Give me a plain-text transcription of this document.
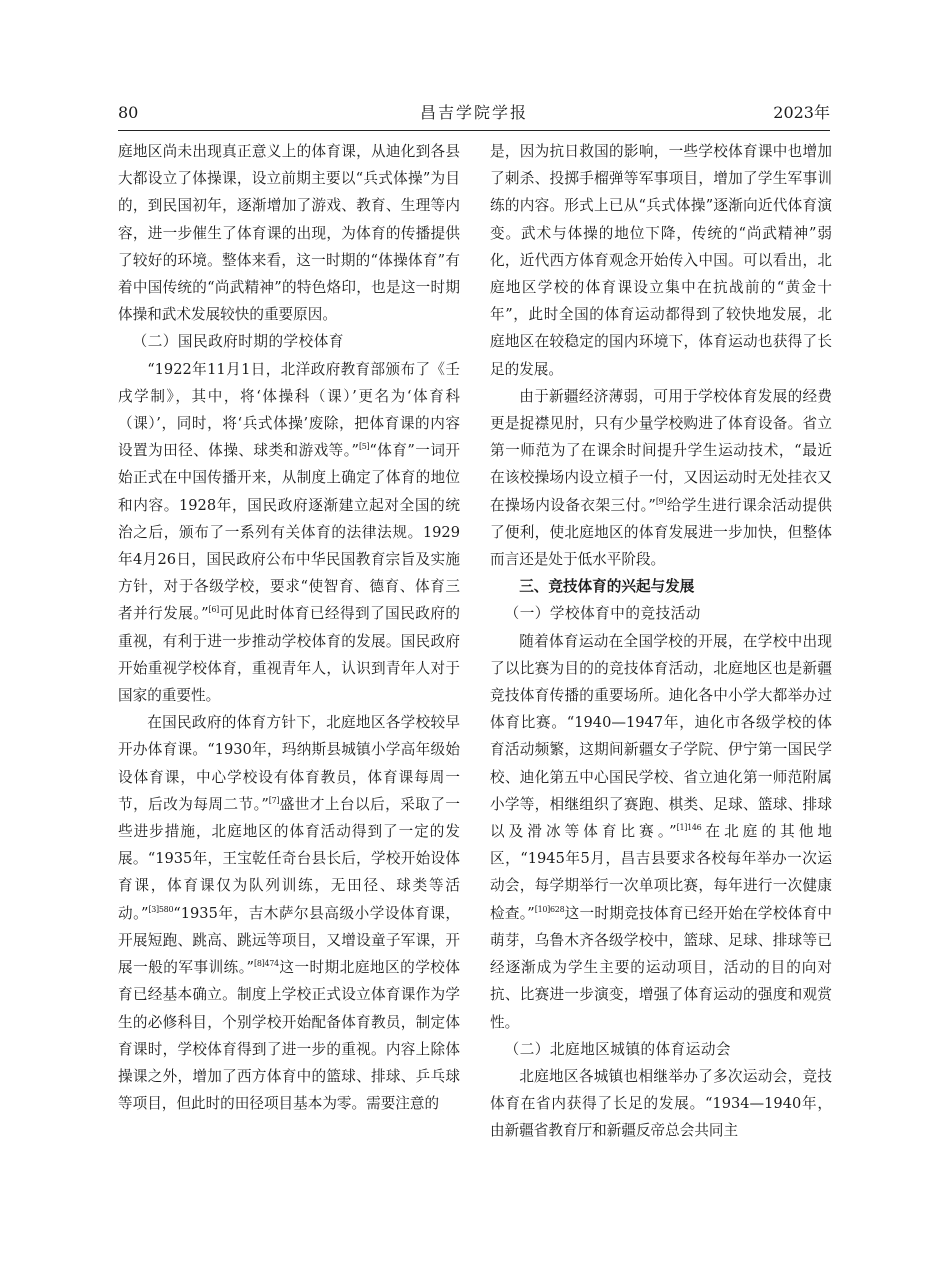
80	昌吉学院学报	2023年

庭地区尚未出现真正意义上的体育课，从迪化到各县大都设立了体操课，设立前期主要以“兵式体操”为目的，到民国初年，逐渐增加了游戏、教育、生理等内容，进一步催生了体育课的出现，为体育的传播提供了较好的环境。整体来看，这一时期的“体操体育”有着中国传统的“尚武精神”的特色烙印，也是这一时期体操和武术发展较快的重要原因。

（二）国民政府时期的学校体育

“1922年11月1日，北洋政府教育部颁布了《壬戌学制》，其中，将‘体操科（课）’更名为‘体育科（课）’，同时，将‘兵式体操’废除，把体育课的内容设置为田径、体操、球类和游戏等。”[5]“体育”一词开始正式在中国传播开来，从制度上确定了体育的地位和内容。1928年，国民政府逐渐建立起对全国的统治之后，颁布了一系列有关体育的法律法规。1929年4月26日，国民政府公布中华民国教育宗旨及实施方针，对于各级学校，要求“使智育、德育、体育三者并行发展。”[6]可见此时体育已经得到了国民政府的重视，有利于进一步推动学校体育的发展。国民政府开始重视学校体育，重视青年人，认识到青年人对于国家的重要性。

在国民政府的体育方针下，北庭地区各学校较早开办体育课。“1930年，玛纳斯县城镇小学高年级始设体育课，中心学校设有体育教员，体育课每周一节，后改为每周二节。”[7]盛世才上台以后，采取了一些进步措施，北庭地区的体育活动得到了一定的发展。“1935年，王宝乾任奇台县长后，学校开始设体育课，体育课仅为队列训练，无田径、球类等活动。”$^{[3]580}$“1935年，吉木萨尔县高级小学设体育课，开展短跑、跳高、跳远等项目，又增设童子军课，开展一般的军事训练。”$^{[8]474}$这一时期北庭地区的学校体育已经基本确立。制度上学校正式设立体育课作为学生的必修科目，个别学校开始配备体育教员，制定体育课时，学校体育得到了进一步的重视。内容上除体操课之外，增加了西方体育中的篮球、排球、乒乓球等项目，但此时的田径项目基本为零。需要注意的

是，因为抗日救国的影响，一些学校体育课中也增加了刺杀、投掷手榴弹等军事项目，增加了学生军事训练的内容。形式上已从“兵式体操”逐渐向近代体育演变。武术与体操的地位下降，传统的“尚武精神”弱化，近代西方体育观念开始传入中国。可以看出，北庭地区学校的体育课设立集中在抗战前的“黄金十年”，此时全国的体育运动都得到了较快地发展，北庭地区在较稳定的国内环境下，体育运动也获得了长足的发展。

由于新疆经济薄弱，可用于学校体育发展的经费更是捉襟见肘，只有少量学校购进了体育设备。省立第一师范为了在课余时间提升学生运动技术，“最近在该校操场内设立槓子一付，又因运动时无处挂衣又在操场内设备衣架三付。”[9]给学生进行课余活动提供了便利，使北庭地区的体育发展进一步加快，但整体而言还是处于低水平阶段。

三、竞技体育的兴起与发展
（一）学校体育中的竞技活动

随着体育运动在全国学校的开展，在学校中出现了以比赛为目的的竞技体育活动，北庭地区也是新疆竞技体育传播的重要场所。迪化各中小学大都举办过体育比赛。“1940—1947年，迪化市各级学校的体育活动频繁，这期间新疆女子学院、伊宁第一国民学校、迪化第五中心国民学校、省立迪化第一师范附属小学等，相继组织了赛跑、棋类、足球、篮球、排球以及滑冰等体育比赛。”$^{[1]146}$在北庭的其他地区，“1945年5月，昌吉县要求各校每年举办一次运动会，每学期举行一次单项比赛，每年进行一次健康检查。”$^{[10]628}$这一时期竞技体育已经开始在学校体育中萌芽，乌鲁木齐各级学校中，篮球、足球、排球等已经逐渐成为学生主要的运动项目，活动的目的向对抗、比赛进一步演变，增强了体育运动的强度和观赏性。

（二）北庭地区城镇的体育运动会

北庭地区各城镇也相继举办了多次运动会，竞技体育在省内获得了长足的发展。“1934—1940年，由新疆省教育厅和新疆反帝总会共同主
